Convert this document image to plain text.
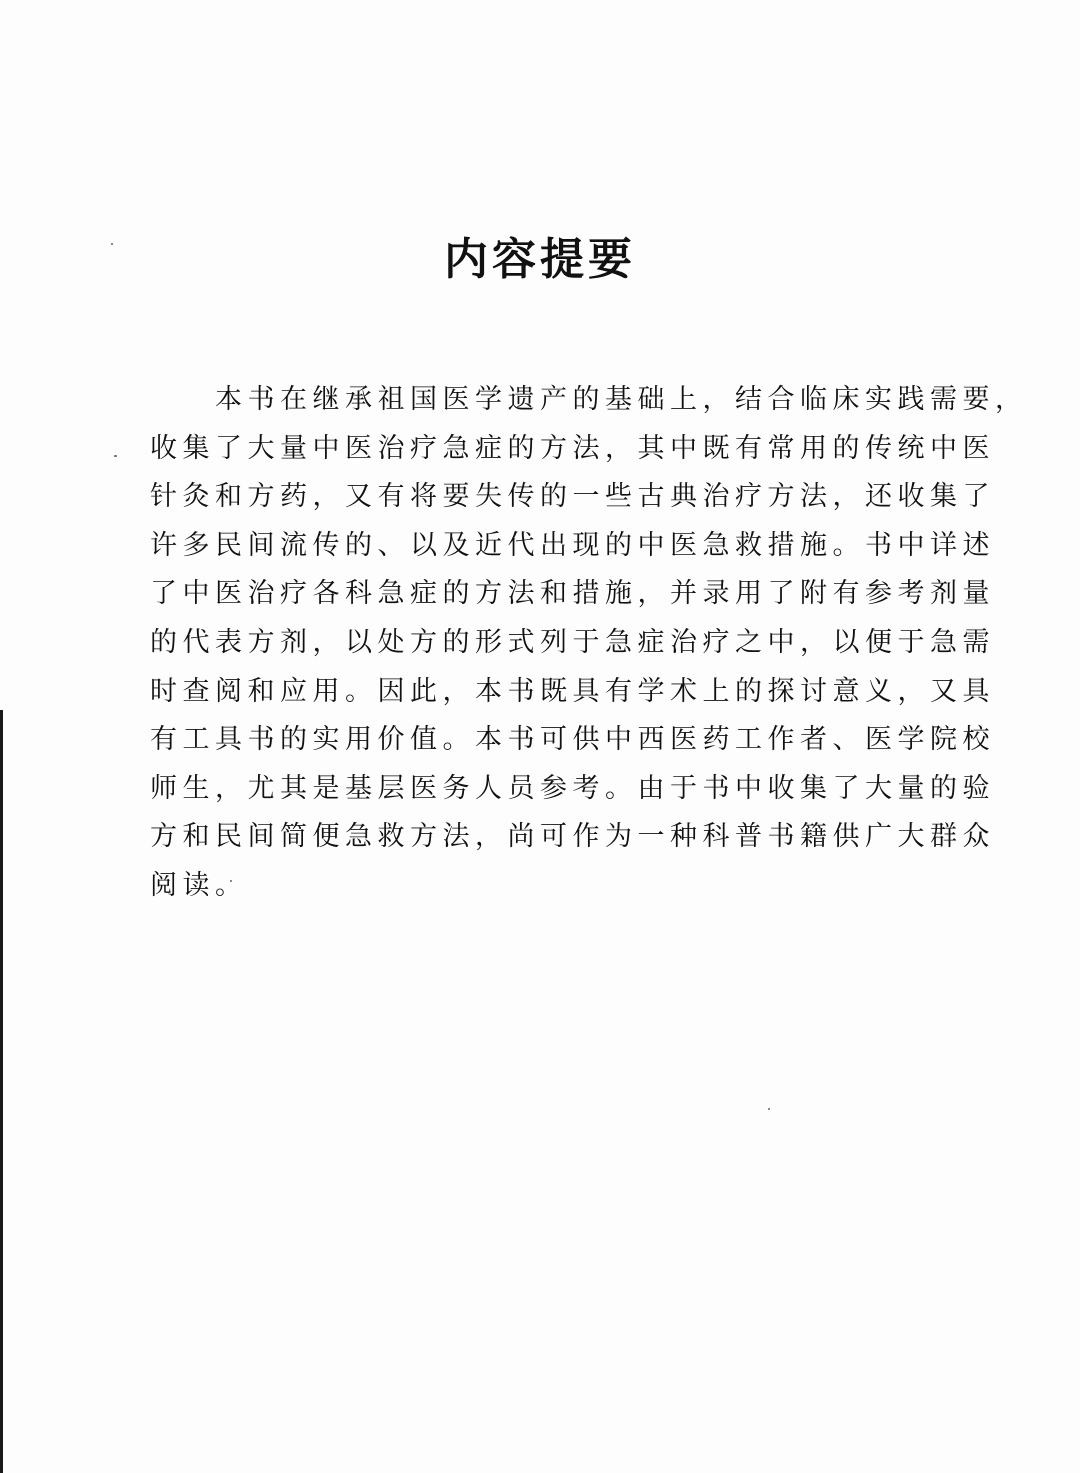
内容提要
本书在继承祖国医学遗产的基础上，结合临床实践需要，
收集了大量中医治疗急症的方法，其中既有常用的传统中医
针灸和方药，又有将要失传的一些古典治疗方法，还收集了
许多民间流传的、以及近代出现的中医急救措施。书中详述
了中医治疗各科急症的方法和措施，并录用了附有参考剂量
的代表方剂，以处方的形式列于急症治疗之中，以便于急需
时查阅和应用。因此，本书既具有学术上的探讨意义，又具
有工具书的实用价值。本书可供中西医药工作者、医学院校
师生，尤其是基层医务人员参考。由于书中收集了大量的验
方和民间简便急救方法，尚可作为一种科普书籍供广大群众
阅读。
